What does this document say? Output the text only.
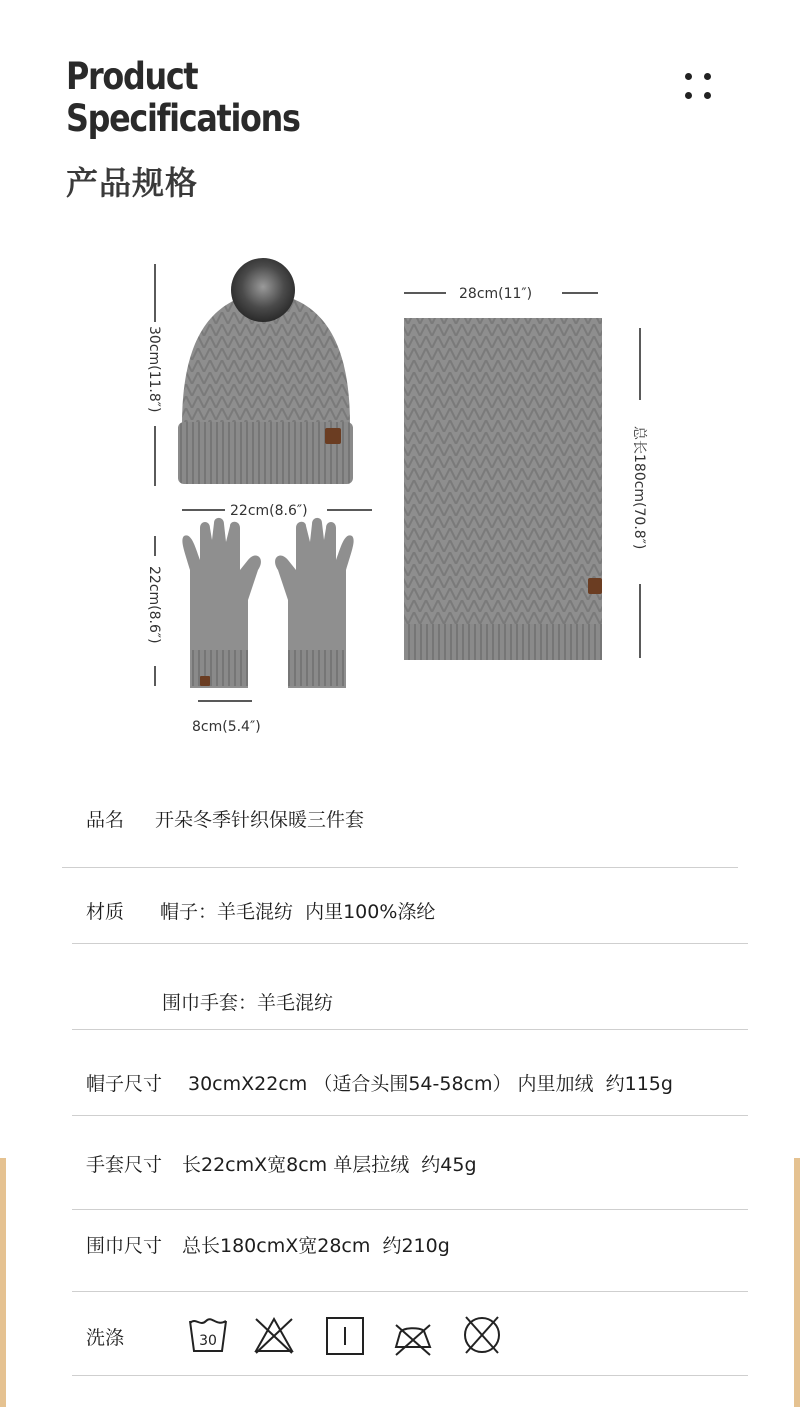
Product
Specifications
产品规格
30cm(11.8″)
22cm(8.6″)
22cm(8.6″)
8cm(5.4″)
28cm(11″)
总长180cm(70.8″)
品名 开朵冬季针织保暖三件套
材质 帽子：羊毛混纺  内里100%涤纶
围巾手套：羊毛混纺
帽子尺寸 30cmX22cm （适合头围54-58cm） 内里加绒  约115g
手套尺寸 长22cmX宽8cm 单层拉绒  约45g
围巾尺寸 总长180cmX宽28cm  约210g
洗涤	30
